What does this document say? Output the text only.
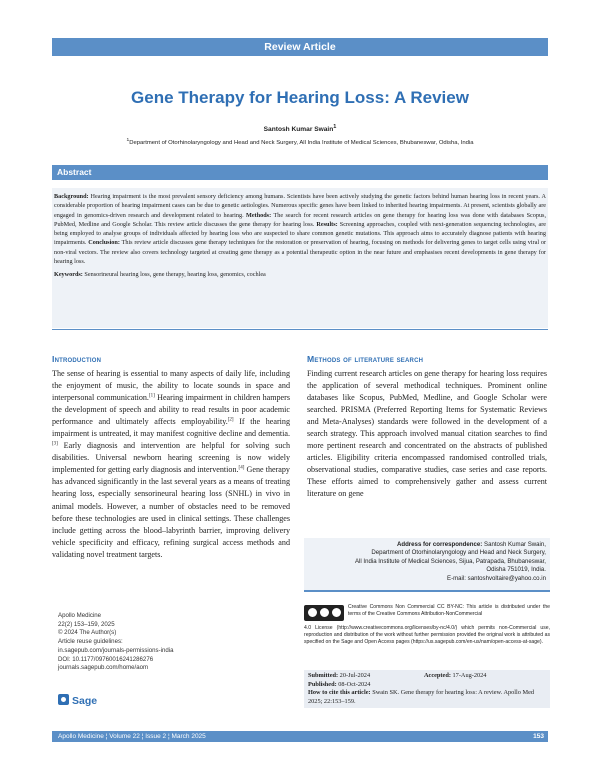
Review Article
Gene Therapy for Hearing Loss: A Review
Santosh Kumar Swain$^1$
$^1$Department of Otorhinolaryngology and Head and Neck Surgery, All India Institute of Medical Sciences, Bhubaneswar, Odisha, India
Abstract

Background: Hearing impairment is the most prevalent sensory deficiency among humans. Scientists have been actively studying the genetic factors behind human hearing loss in recent years. A considerable proportion of hearing impairment cases can be due to genetic aetiologies. Numerous specific genes have been linked to inherited hearing impairments. At present, scientists globally are engaged in genomics-driven research and development related to hearing. Methods: The search for recent research articles on gene therapy for hearing loss was done with databases Scopus, PubMed, Medline and Google Scholar. This review article discusses the gene therapy for hearing loss. Results: Screening approaches, coupled with next-generation sequencing technologies, are being employed to analyse groups of individuals affected by hearing loss who are suspected to share common genetic mutations. This approach aims to accurately diagnose patients with hearing impairments. Conclusion: This review article discusses gene therapy techniques for the restoration or preservation of hearing, focusing on methods for delivering genes to target cells using viral or non-viral vectors. The review also covers technology targeted at creating gene therapy as a potential therapeutic option in the near future and emphasises recent developments in gene therapy for hearing loss.

Keywords: Sensorineural hearing loss, gene therapy, hearing loss, genomics, cochlea

Introduction
The sense of hearing is essential to many aspects of daily life, including the enjoyment of music, the ability to locate sounds in space and interpersonal communication.[1] Hearing impairment in children hampers the development of speech and ability to read results in poor academic performance and ultimately affects employability.[2] If the hearing impairment is untreated, it may manifest cognitive decline and dementia.[3] Early diagnosis and intervention are helpful for solving such disabilities. Universal newborn hearing screening is now widely implemented for getting early diagnosis and intervention.[4] Gene therapy has advanced significantly in the last several years as a means of treating hearing loss, especially sensorineural hearing loss (SNHL) in vivo in animal models. However, a number of obstacles need to be removed before these technologies are used in clinical settings. These challenges include getting across the blood–labyrinth barrier, improving delivery vehicle specificity and efficacy, refining surgical access methods and validating novel treatment targets.
Methods of literature search
Finding current research articles on gene therapy for hearing loss requires the application of several methodical techniques. Prominent online databases like Scopus, PubMed, Medline, and Google Scholar were searched. PRISMA (Preferred Reporting Items for Systematic Reviews and Meta-Analyses) standards were followed in the development of a search strategy. This approach involved manual citation searches to find more pertinent research and concentrated on the abstracts of published articles. Eligibility criteria encompassed randomised controlled trials, observational studies, comparative studies, case series and case reports. These efforts aimed to comprehensively gather and assess current literature on gene
Address for correspondence: Santosh Kumar Swain,
Department of Otorhinolaryngology and Head and Neck Surgery,
All India Institute of Medical Sciences, Sijua, Patrapada, Bhubaneswar,
Odisha 751019, India.
E-mail: santoshvoltaire@yahoo.co.in
Creative Commons Non Commercial CC BY-NC: This article is distributed under the terms of the Creative Commons Attribution-NonCommercial
4.0 License (http://www.creativecommons.org/licenses/by-nc/4.0/) which permits non-Commercial use, reproduction and distribution of the work without further permission provided the original work is attributed as specified on the Sage and Open Access pages (https://us.sagepub.com/en-us/nam/open-access-at-sage).
Submitted: 20-Jul-2024	Accepted: 17-Aug-2024
Published: 08-Oct-2024
How to cite this article: Swain SK. Gene therapy for hearing loss: A review. Apollo Med 2025; 22:153–159.
Apollo Medicine
22(2) 153–159, 2025
© 2024 The Author(s)
Article reuse guidelines:
in.sagepub.com/journals-permissions-india
DOI: 10.1177/09760016241286276
journals.sagepub.com/home/aom
Sage
Apollo Medicine ¦ Volume 22 ¦ Issue 2 ¦ March 2025	153
